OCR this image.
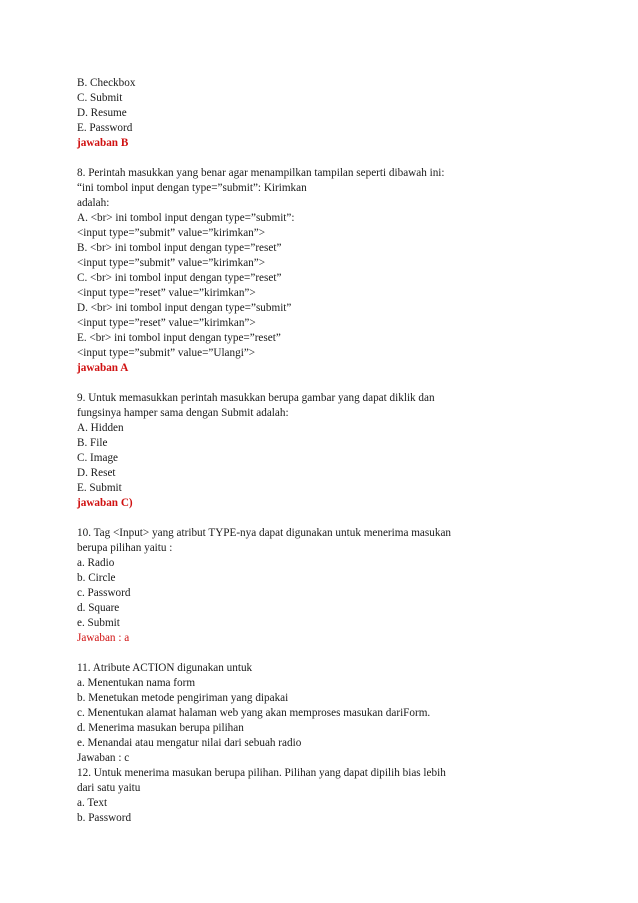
B. Checkbox
C. Submit
D. Resume
E. Password
jawaban B
8. Perintah masukkan yang benar agar menampilkan tampilan seperti dibawah ini:
“ini tombol input dengan type=”submit”: Kirimkan
adalah:
A. <br> ini tombol input dengan type=”submit”:
<input type=”submit” value=”kirimkan”>
B. <br> ini tombol input dengan type=”reset”
<input type=”submit” value=”kirimkan”>
C. <br> ini tombol input dengan type=”reset”
<input type=”reset” value=”kirimkan”>
D. <br> ini tombol input dengan type=”submit”
<input type=”reset” value=”kirimkan”>
E. <br> ini tombol input dengan type=”reset”
<input type=”submit” value=”Ulangi”>
jawaban A
9. Untuk memasukkan perintah masukkan berupa gambar yang dapat diklik dan
fungsinya hamper sama dengan Submit adalah:
A. Hidden
B. File
C. Image
D. Reset
E. Submit
jawaban C)
10. Tag <Input> yang atribut TYPE-nya dapat digunakan untuk menerima masukan
berupa pilihan yaitu :
a. Radio
b. Circle
c. Password
d. Square
e. Submit
Jawaban : a
11. Atribute ACTION digunakan untuk
a. Menentukan nama form
b. Menetukan metode pengiriman yang dipakai
c. Menentukan alamat halaman web yang akan memproses masukan dariForm.
d. Menerima masukan berupa pilihan
e. Menandai atau mengatur nilai dari sebuah radio
Jawaban : c
12. Untuk menerima masukan berupa pilihan. Pilihan yang dapat dipilih bias lebih
dari satu yaitu
a. Text
b. Password
